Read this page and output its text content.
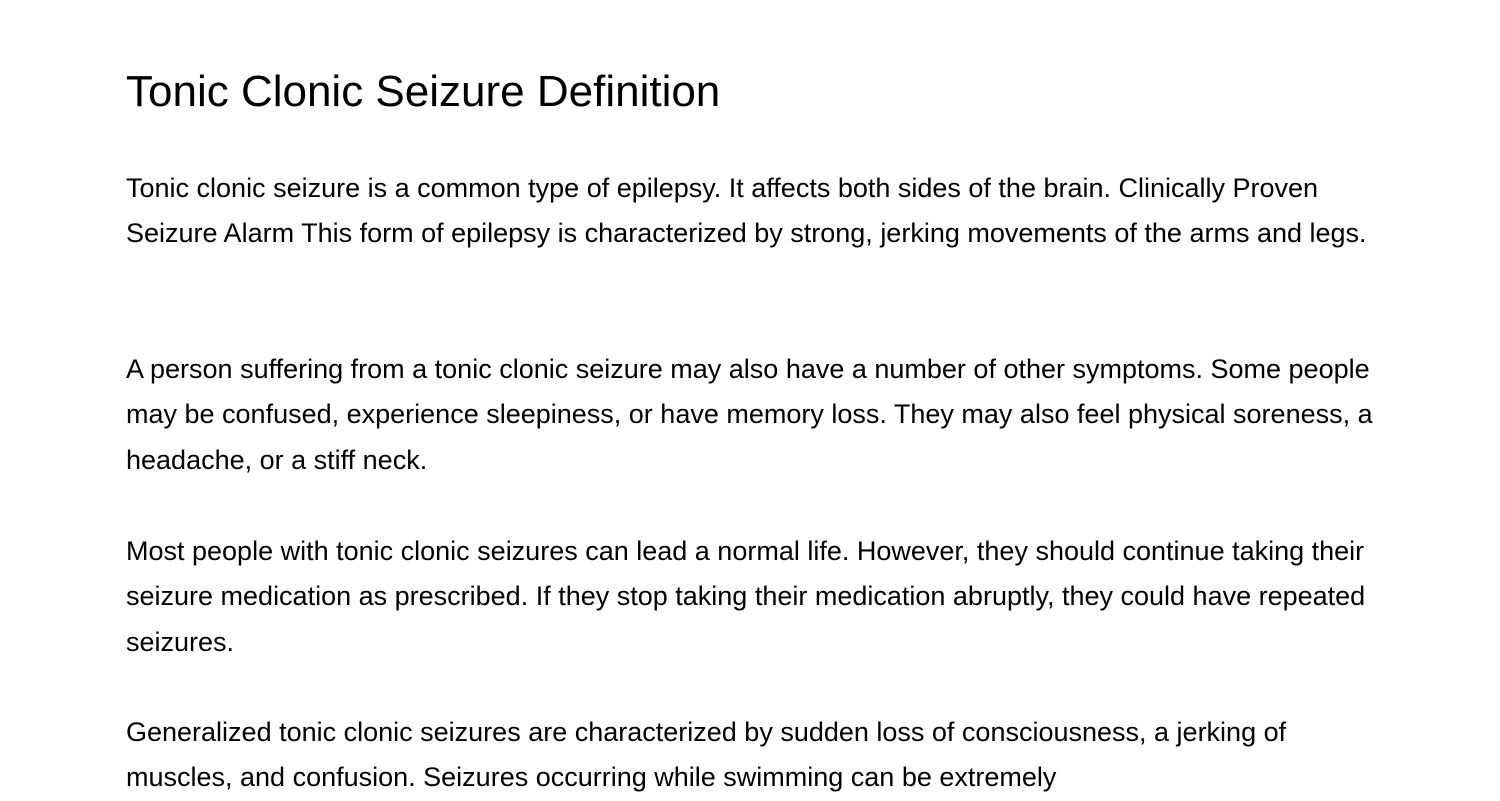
Tonic Clonic Seizure Definition

Tonic clonic seizure is a common type of epilepsy. It affects both sides of the brain. Clinically Proven Seizure Alarm This form of epilepsy is characterized by strong, jerking movements of the arms and legs.

A person suffering from a tonic clonic seizure may also have a number of other symptoms. Some people may be confused, experience sleepiness, or have memory loss. They may also feel physical soreness, a headache, or a stiff neck.

Most people with tonic clonic seizures can lead a normal life. However, they should continue taking their seizure medication as prescribed. If they stop taking their medication abruptly, they could have repeated seizures.

Generalized tonic clonic seizures are characterized by sudden loss of consciousness, a jerking of muscles, and confusion. Seizures occurring while swimming can be extremely
